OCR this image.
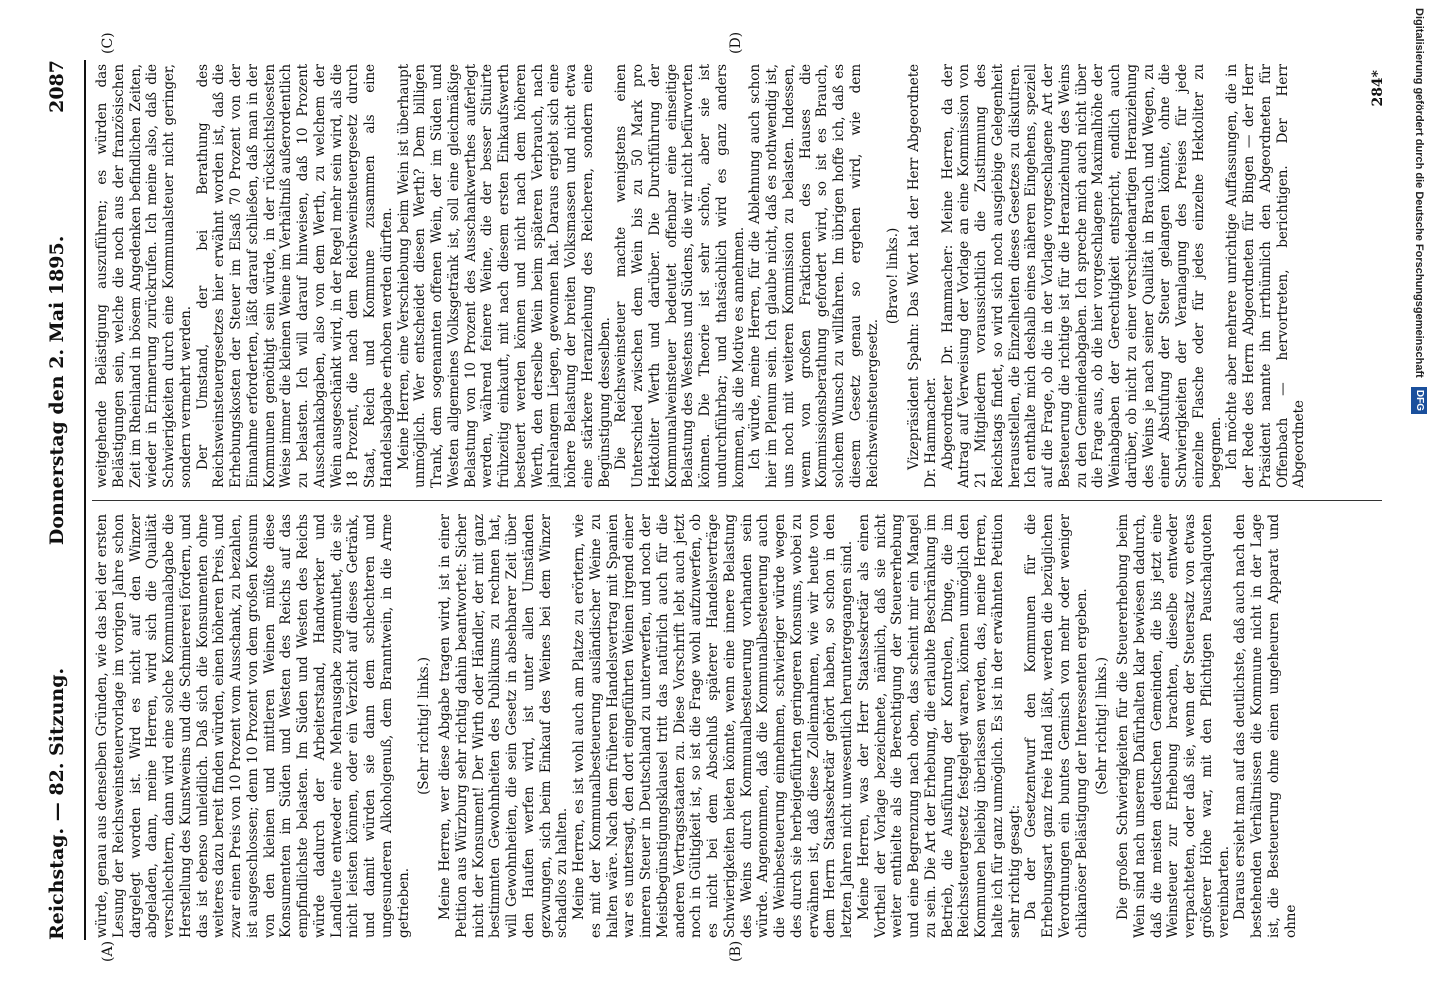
Reichstag. — 82. Sitzung.
Donnerstag den 2. Mai 1895.
2087
(A)	(B)
(C)	(D)

würde, genau aus denselben Gründen, wie das bei der ersten Lesung der Reichsweinsteuervorlage im vorigen Jahre schon dargelegt worden ist. Wird es nicht auf den Winzer abgeladen, dann, meine Herren, wird sich die Qualität verschlechtern, dann wird eine solche Kommunalabgabe die Herstellung des Kunstweins und die Schmiererei fördern, und das ist ebenso unleidlich. Daß sich die Konsumenten ohne weiteres dazu bereit finden würden, einen höheren Preis, und zwar einen Preis von 10 Prozent vom Ausschank, zu bezahlen, ist ausgeschlossen; denn 10 Prozent von dem großen Konsum von den kleinen und mittleren Weinen müßte diese Konsumenten im Süden und Westen des Reichs auf das empfindlichste belasten. Im Süden und Westen des Reichs würde dadurch der Arbeiterstand, Handwerker und Landleute entweder eine Mehrausgabe zugemuthet, die sie nicht leisten können, oder ein Verzicht auf dieses Getränk, und damit würden sie dann dem schlechteren und ungesunderen Alkoholgenuß, dem Branntwein, in die Arme getrieben.

(Sehr richtig! links.) Meine Herren, wer diese Abgabe tragen wird, ist in einer Petition aus Würzburg sehr richtig dahin beantwortet: Sicher nicht der Konsument! Der Wirth oder Händler, der mit ganz bestimmten Gewohnheiten des Publikums zu rechnen hat, will Gewohnheiten, die sein Gesetz in absehbarer Zeit über den Haufen werfen wird, ist unter allen Umständen gezwungen, sich beim Einkauf des Weines bei dem Winzer schadlos zu halten. Meine Herren, es ist wohl auch am Platze zu erörtern, wie es mit der Kommunalbesteuerung ausländischer Weine zu halten wäre. Nach dem früheren Handelsvertrag mit Spanien war es untersagt, den dort eingeführten Weinen irgend einer inneren Steuer in Deutschland zu unterwerfen, und noch der Meistbegünstigungsklausel tritt das natürlich auch für die anderen Vertragsstaaten zu. Diese Vorschrift lebt auch jetzt noch in Gültigkeit ist, so ist die Frage wohl aufzuwerfen, ob es nicht bei dem Abschluß späterer Handelsverträge Schwierigkeiten bieten könnte, wenn eine innere Belastung des Weins durch Kommunalbesteuerung vorhanden sein würde. Angenommen, daß die Kommunalbesteuerung auch die Weinbesteuerung einnehmen, schwieriger würde wegen des durch sie herbeigeführten geringeren Konsums, wobei zu erwähnen ist, daß diese Zolleinnahmen, wie wir heute von dem Herrn Staatssekretär gehört haben, so schon in den letzten Jahren nicht unwesentlich heruntergegangen sind. Meine Herren, was der Herr Staatssekretär als einen Vortheil der Vorlage bezeichnete, nämlich, daß sie nicht weiter enthielte als die Berechtigung der Steuererhebung und eine Begrenzung nach oben, das scheint mir ein Mangel zu sein. Die Art der Erhebung, die erlaubte Beschränkung im Betrieb, die Ausführung der Kontrolen, Dinge, die im Reichssteuergesetz festgelegt waren, können unmöglich den Kommunen beliebig überlassen werden, das, meine Herren, halte ich für ganz unmöglich. Es ist in der erwähnten Petition sehr richtig gesagt: Da der Gesetzentwurf den Kommunen für die Erhebungsart ganz freie Hand läßt, werden die bezüglichen Verordnungen ein buntes Gemisch von mehr oder weniger chikanöser Belästigung der Interessenten ergeben. (Sehr richtig! links.) Die großen Schwierigkeiten für die Steuererhebung beim Wein sind nach unserem Dafürhalten klar bewiesen dadurch, daß die meisten deutschen Gemeinden, die bis jetzt eine Weinsteuer zur Erhebung brachten, dieselbe entweder verpachteten, oder daß sie, wenn der Steuersatz von etwas größerer Höhe war, mit den Pflichtigen Pauschalquoten vereinbarten. Daraus ersieht man auf das deutlichste, daß auch nach den bestehenden Verhältnissen die Kommune nicht in der Lage ist, die Besteuerung ohne einen ungeheuren Apparat und ohne

weitgehende Belästigung auszuführen; es würden das Belästigungen sein, welche die noch aus der französischen Zeit im Rheinland in bösem Angedenken befindlichen Zeiten, wieder in Erinnerung zurückrufen. Ich meine also, daß die Schwierigkeiten durch eine Kommunalsteuer nicht geringer, sondern vermehrt werden. Der Umstand, der bei Berathung des Reichsweinsteuergesetzes hier erwähnt worden ist, daß die Erhebungskosten der Steuer im Elsaß 70 Prozent von der Einnahme erforderten, läßt darauf schließen, daß man in der Kommunen genöthigt sein würde, in der rücksichtslosesten Weise immer die kleinen Weine im Verhältniß außerordentlich zu belasten. Ich will darauf hinweisen, daß 10 Prozent Ausschankabgaben, also von dem Werth, zu welchem der Wein ausgeschänkt wird, in der Regel mehr sein wird, als die 18 Prozent, die nach dem Reichsweinsteuergesetz durch Staat, Reich und Kommune zusammen als eine Handelsabgabe erhoben werden dürften. Meine Herren, eine Verschiebung beim Wein ist überhaupt unmöglich. Wer entscheidet diesen Werth? Dem billigen Trank, dem sogenannten offenen Wein, der im Süden und Westen allgemeines Volksgetränk ist, soll eine gleichmäßige Belastung von 10 Prozent des Ausschankwerthes auferlegt werden, während feinere Weine, die der besser Situirte frühzeitig einkauft, mit nach diesem ersten Einkaufswerth besteuert werden können und nicht nach dem höheren Werth, den derselbe Wein beim späteren Verbrauch, nach jahrelangem Liegen, gewonnen hat. Daraus ergiebt sich eine höhere Belastung der breiten Volksmassen und nicht etwa eine stärkere Heranziehung des Reicheren, sondern eine Begünstigung desselben. Die Reichsweinsteuer machte wenigstens einen Unterschied zwischen dem Wein bis zu 50 Mark pro Hektoliter Werth und darüber. Die Durchführung der Kommunalweinsteuer bedeutet offenbar eine einseitige Belastung des Westens und Südens, die wir nicht befürworten können. Die Theorie ist sehr schön, aber sie ist undurchführbar; und thatsächlich wird es ganz anders kommen, als die Motive es annehmen. Ich würde, meine Herren, für die Ablehnung auch schon hier im Plenum sein. Ich glaube nicht, daß es nothwendig ist, uns noch mit weiteren Kommission zu belasten. Indessen, wenn von großen Fraktionen des Hauses die Kommissionsberathung gefordert wird, so ist es Brauch, solchem Wunsch zu willfahren. Im übrigen hoffe ich, daß es diesem Gesetz genau so ergehen wird, wie dem Reichsweinsteuergesetz.

(Bravo! links.) Vizepräsident Spahn: Das Wort hat der Herr Abgeordnete Dr. Hammacher. Abgeordneter Dr. Hammacher: Meine Herren, da der Antrag auf Verweisung der Vorlage an eine Kommission von 21 Mitgliedern voraussichtlich die Zustimmung des Reichstags findet, so wird sich noch ausgiebige Gelegenheit herausstellen, die Einzelheiten dieses Gesetzes zu diskutiren. Ich enthalte mich deshalb eines näheren Eingehens, speziell auf die Frage, ob die in der Vorlage vorgeschlagene Art der Besteuerung die richtige ist für die Heranziehung des Weins zu den Gemeindeabgaben. Ich spreche mich auch nicht über die Frage aus, ob die hier vorgeschlagene Maximalhöhe der Weinabgaben der Gerechtigkeit entspricht, endlich auch darüber, ob nicht zu einer verschiedenartigen Heranziehung des Weins je nach seiner Qualität in Brauch und Wegen, zu einer Abstufung der Steuer gelangen könnte, ohne die Schwierigkeiten der Veranlagung des Preises für jede einzelne Flasche oder für jedes einzelne Hektoliter zu begegnen. Ich möchte aber mehrere unrichtige Auffassungen, die in der Rede des Herrn Abgeordneten für Bingen — der Herr Präsident nannte ihn irrthümlich den Abgeordneten für Offenbach — hervortreten, berichtigen. Der Herr Abgeordnete

284*	Digitalisierung gefördert durch die Deutsche Forschungsgemeinschaft DFG
